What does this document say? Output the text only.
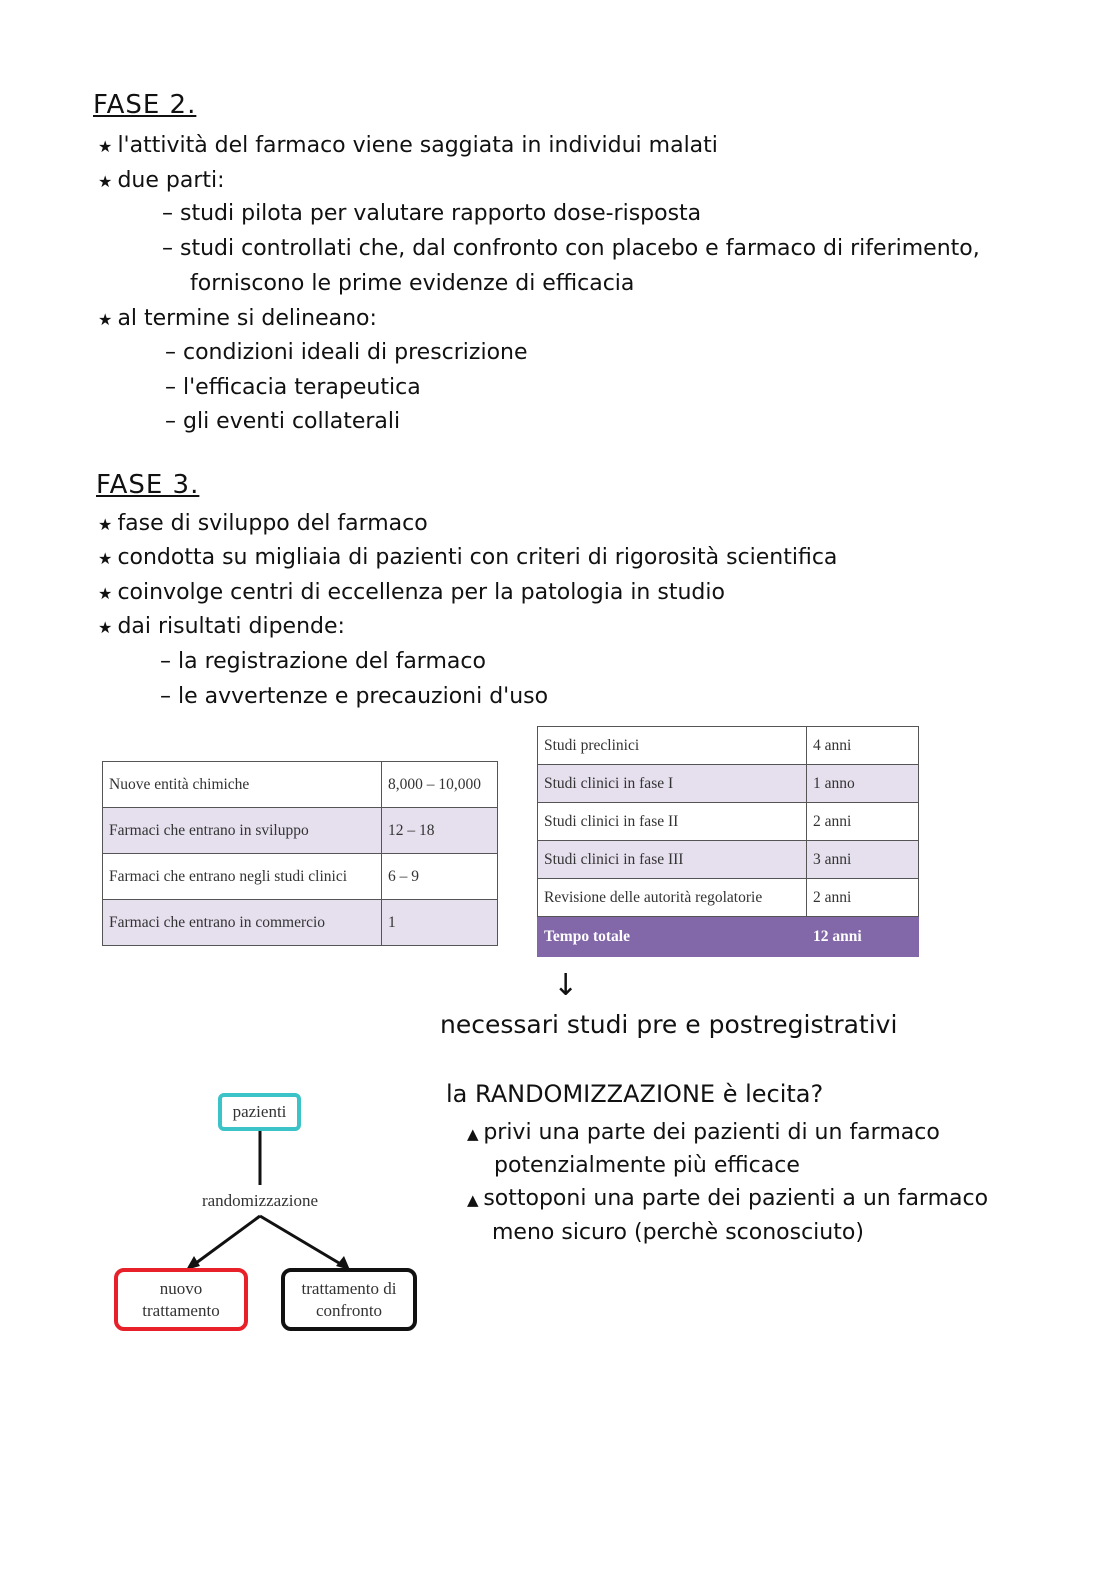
FASE 2.
★ l'attività del farmaco viene saggiata in individui malati
★ due parti:
– studi pilota per valutare rapporto dose-risposta
– studi controllati che, dal confronto con placebo e farmaco di riferimento,
forniscono le prime evidenze di efficacia
★ al termine si delineano:
– condizioni ideali di prescrizione
– l'efficacia terapeutica
– gli eventi collaterali
FASE 3.
★ fase di sviluppo del farmaco
★ condotta su migliaia di pazienti con criteri di rigorosità scientifica
★ coinvolge centri di eccellenza per la patologia in studio
★ dai risultati dipende:
– la registrazione del farmaco
– le avvertenze e precauzioni d'uso
Nuove entità chimiche	8,000 – 10,000
Farmaci che entrano in sviluppo	12 – 18
Farmaci che entrano negli studi clinici	6 – 9
Farmaci che entrano in commercio	1
Studi preclinici	4 anni
Studi clinici in fase I	1 anno
Studi clinici in fase II	2 anni
Studi clinici in fase III	3 anni
Revisione delle autorità regolatorie	2 anni
Tempo totale	12 anni
↓
necessari studi pre e postregistrativi
pazienti
randomizzazione
nuovo
trattamento
trattamento di
confronto
la RANDOMIZZAZIONE è lecita?
▲ privi una parte dei pazienti di un farmaco
potenzialmente più efficace
▲ sottoponi una parte dei pazienti a un farmaco
meno sicuro (perchè sconosciuto)
